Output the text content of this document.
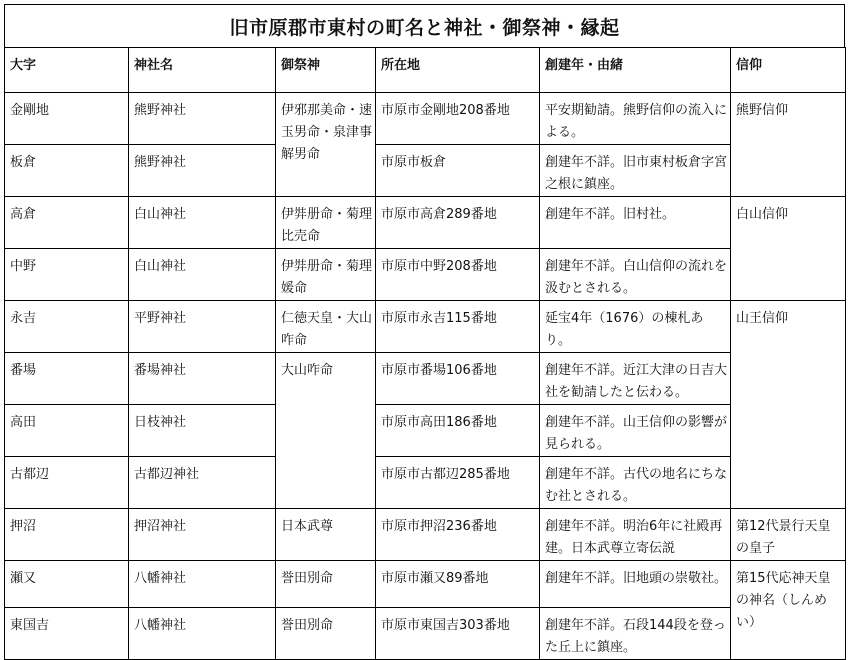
旧市原郡市東村の町名と神社・御祭神・縁起
大字	神社名	御祭神	所在地	創建年・由緒	信仰
金剛地	熊野神社	伊邪那美命・速玉男命・泉津事解男命	市原市金剛地208番地	平安期勧請。熊野信仰の流入による。	熊野信仰
板倉	熊野神社		市原市板倉	創建年不詳。旧市東村板倉字宮之根に鎮座。	
高倉	白山神社	伊弉册命・菊理比売命	市原市高倉289番地	創建年不詳。旧村社。	白山信仰
中野	白山神社	伊弉册命・菊理媛命	市原市中野208番地	創建年不詳。白山信仰の流れを汲むとされる。	
永吉	平野神社	仁徳天皇・大山咋命	市原市永吉115番地	延宝4年（1676）の棟札あり。	山王信仰
番場	番場神社	大山咋命	市原市番場106番地	創建年不詳。近江大津の日吉大社を勧請したと伝わる。	
高田	日枝神社		市原市高田186番地	創建年不詳。山王信仰の影響が見られる。	
古都辺	古都辺神社		市原市古都辺285番地	創建年不詳。古代の地名にちなむ社とされる。	
押沼	押沼神社	日本武尊	市原市押沼236番地	創建年不詳。明治6年に社殿再建。日本武尊立寄伝説	第12代景行天皇の皇子
瀬又	八幡神社	誉田別命	市原市瀬又89番地	創建年不詳。旧地頭の崇敬社。	第15代応神天皇の神名（しんめい）
東国吉	八幡神社	誉田別命	市原市東国吉303番地	創建年不詳。石段144段を登った丘上に鎮座。	
